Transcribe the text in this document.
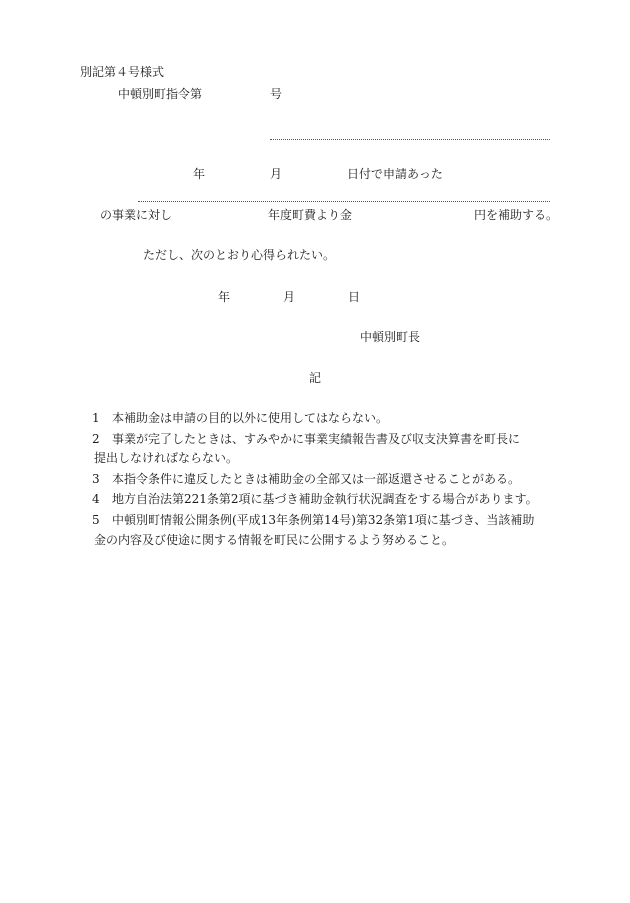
別記第４号様式
中頓別町指令第	号
年	月	日付で申請あった
の事業に対し	年度町費より金	円を補助する。
ただし、次のとおり心得られたい。
年	月	日
中頓別町長
記
1 本補助金は申請の目的以外に使用してはならない。
2 事業が完了したときは、すみやかに事業実績報告書及び収支決算書を町長に
提出しなければならない。
3 本指令条件に違反したときは補助金の全部又は一部返還させることがある。
4 地方自治法第221条第2項に基づき補助金執行状況調査をする場合があります。
5 中頓別町情報公開条例(平成13年条例第14号)第32条第1項に基づき、当該補助
金の内容及び使途に関する情報を町民に公開するよう努めること。
